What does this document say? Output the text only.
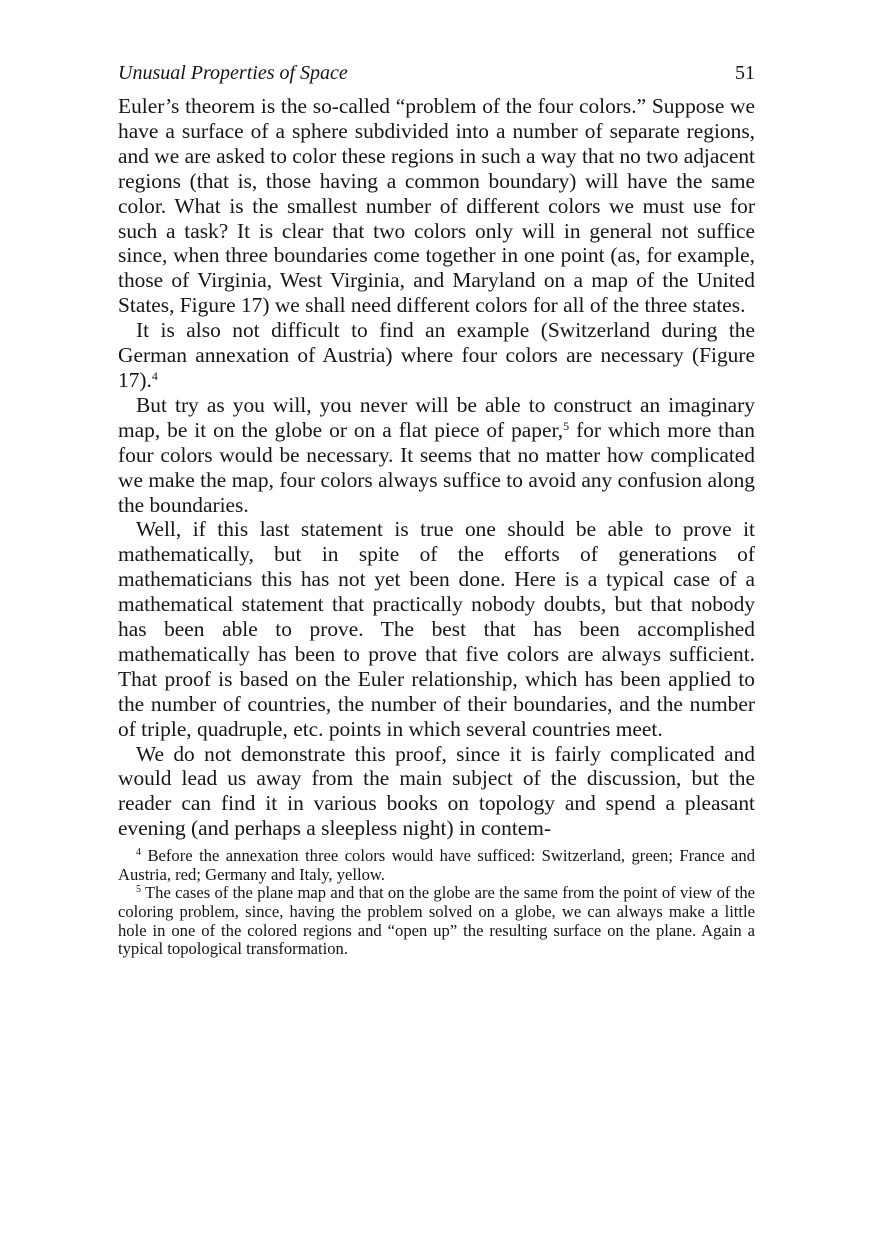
Unusual Properties of Space	51

Euler’s theorem is the so-called “problem of the four colors.” Suppose we have a surface of a sphere subdivided into a number of separate regions, and we are asked to color these regions in such a way that no two adjacent regions (that is, those having a common boundary) will have the same color. What is the smallest number of different colors we must use for such a task? It is clear that two colors only will in general not suffice since, when three boundaries come together in one point (as, for example, those of Virginia, West Virginia, and Maryland on a map of the United States, Figure 17) we shall need different colors for all of the three states.

It is also not difficult to find an example (Switzerland during the German annexation of Austria) where four colors are necessary (Figure 17).$^4$

But try as you will, you never will be able to construct an imaginary map, be it on the globe or on a flat piece of paper,$^5$ for which more than four colors would be necessary. It seems that no matter how complicated we make the map, four colors always suffice to avoid any confusion along the boundaries.

Well, if this last statement is true one should be able to prove it mathematically, but in spite of the efforts of generations of mathematicians this has not yet been done. Here is a typical case of a mathematical statement that practically nobody doubts, but that nobody has been able to prove. The best that has been accomplished mathematically has been to prove that five colors are always sufficient. That proof is based on the Euler relationship, which has been applied to the number of countries, the number of their boundaries, and the number of triple, quadruple, etc. points in which several countries meet.

We do not demonstrate this proof, since it is fairly complicated and would lead us away from the main subject of the discussion, but the reader can find it in various books on topology and spend a pleasant evening (and perhaps a sleepless night) in contem-

$^4$ Before the annexation three colors would have sufficed: Switzerland, green; France and Austria, red; Germany and Italy, yellow.

$^5$ The cases of the plane map and that on the globe are the same from the point of view of the coloring problem, since, having the problem solved on a globe, we can always make a little hole in one of the colored regions and “open up” the resulting surface on the plane. Again a typical topological transformation.
